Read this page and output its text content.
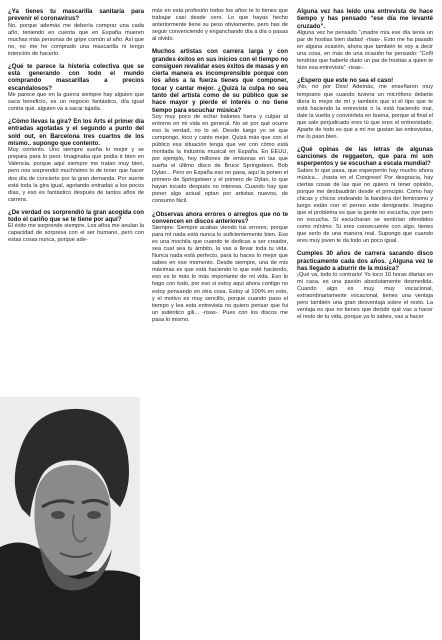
¿Ya tienes tu mascarilla sanitaria para prevenir el coronavirus?

No, porque además me debería comprar una cada año, teniendo en cuenta que en España mueren muchas más personas de gripe común al año. Así que no, no me he comprado una mascarilla ni tengo intención de hacerlo.

¿Qué te parece la histeria colectiva que se está generando con todo el mundo comprando mascarillas a precios escandalosos?

Me parece que en la guerra siempre hay alguien que saca beneficio, es un negocio fantástico, día igual contra qué, alguien va a sacar tajada.

¿Cómo llevas la gira? En los Arts el primer día entradas agotadas y el segundo a punto del sold out, en Barcelona tres cuartos de los mismo.. supongo que contento.

Muy contento. Uno siempre sueña lo mejor y se prepara para lo peor. Imaginaba que podía ir bien en Valencia, porque aquí siempre me tratan muy bien, pero nos sorprendió muchísimo lo de tener que hacer dos día de concierto por la gran demanda. Por suerte está toda la gira igual, agotando entradas a los pocos días, y eso es fantástico después de tantos años de carrera.

¿De verdad os sorprendió la gran acogida con todo el cariño que se te tiene por aquí?

El éxito me sorprende siempre. Los años me anulan la capacidad de sorpresa con el ser humano, pero con estas cosas nunca, porque ade-

más en esta profesión todos los años te lo tienes que trabajar casi desde cero. Lo que hayas hecho anteriormente tiene su peso obviamente, pero has de seguir convenciendo y enganchando día a día o pasas al olvido.

Muchos artistas con carrera larga y con grandes éxitos en sus inicios con el tiempo no consiguen revalidar esos éxitos de masas y en cierta manera es incomprensible porque con los años a la fuerza tienes que componer, tocar y cantar mejor. ¿Quizá la culpa no sea tanto del artista como de su público que se hace mayor y pierde el interés o no tiene tiempo para escuchar música?

Soy muy poco de echar balones fuera y culpar al entorno en mi vida en general. No sé por qué ocurre eso la verdad, no lo sé. Desde luego yo sé que compongo, toco y canto mejor. Quizá más que con el público esa situación tenga que ver con cómo está montada la industria musical en España. En EEUU, por ejemplo, hoy millones de emisoras en las que sueña el último disco de Bruce Springsteen. Bob Dylan... Pero en España eso no pasa, aquí la ponen el primero de Springsteen y el primero de Dylan, lo que hayan tocado después no interesa. Cuando hay que poner algo actual optan por artistas nuevos, de consumo fácil.

¿Observas ahora errores o arreglos que no te convencen en discos anteriores?

Siempre. Siempre acabas viendo tus errores, porque para mí nada está nunca lo suficientemente bien. Eso es una mochila que cuando te dedicas a ser creador, sea cual sea tu ámbito, la vas a llevar toda tu vida. Nunca nada está perfecto, para tu haces lo mejor que sabes en ese momento. Desde siempre, una de mis máximas es que está haciendo lo que esté haciendo, eso es lo más lo más importante de mi vida. Eso lo hago con todo, por eso si estoy aquí ahora contigo no estoy pensando en otra cosa. Estoy al 100% en esto, y el motivo es muy sencillo, porque cuando paso el tiempo y lea esta entrevista no quiero pensar que fui un auténtico gili... -risas-. Pues con los discos me pasa lo mismo.

Alguna vez has leído una entrevista de hace tiempo y has pensado “ese día me levanté cruzado”.

Alguna vez he pensado “¡madre mía ese día tenía un par de hostias bien dadas! -risas-. Esto me ha pasado en alguna ocasión, ahora que también te voy a decir una cosa, en más de una ocasión he pensado: “Coñi tendrías que haberle dado un par de hostias a quien te hizo esa entrevista” -risas-.

¿Espero que este no sea el caso!

¡No, no por Dios! Además, me enseñaron muy temprano que cuando tuviera un micrófono delante diera lo mejor de mí y también que si el tipo que te está haciendo la entrevista o la está haciendo mal, dale la vuelta y conviértela en buena, porque al final el que sale perjudicado eres tú que eres el entrevistado. Aparte de todo es que a mí me gustan las entrevistas, me lo paso bien.

¿Qué opinas de las letras de algunas canciones de reggaeton, que para mí son esperpentos y se escuchan a escala mundial?

Sabes lo que pasa, que esperpento hay mucho ahora música... ¡hasta en el Congreso! Por desgracia, hay ciertas cosas de las que no quiero ni tener opinión, porque me desbaudrán desde el principio. Como hay chicas y chicos ondeando la bandera del feminismo y luego están con el perreo este denigrante. Imagino que el problema es que la gente no escucha, oye pero no escucha. Si escucharan se sentirían ofendidos como mínimo. Si eres consecuente con algo, tienes que serlo de una manera real. Supongo que cuando eres muy joven te da todo un poco igual.

Cumples 30 años de carrera sacando disco prácticamente cada dos años. ¿Alguna vez te has llegado a aburrir de la música?

¡Qué va, todo lo contrario! Yo toco 10 horas diarias en mi casa, es una pasión absolutamente desmedida. Cuando algo es muy muy vocacional, extraordinariamente vocacional, tienes una ventaja pero también una gran desventaja sobre el resto. La ventaja es que no tienes que decidir qué vas a hacer el resto de tu vida, porque ya lo sabes, vas a hacer
